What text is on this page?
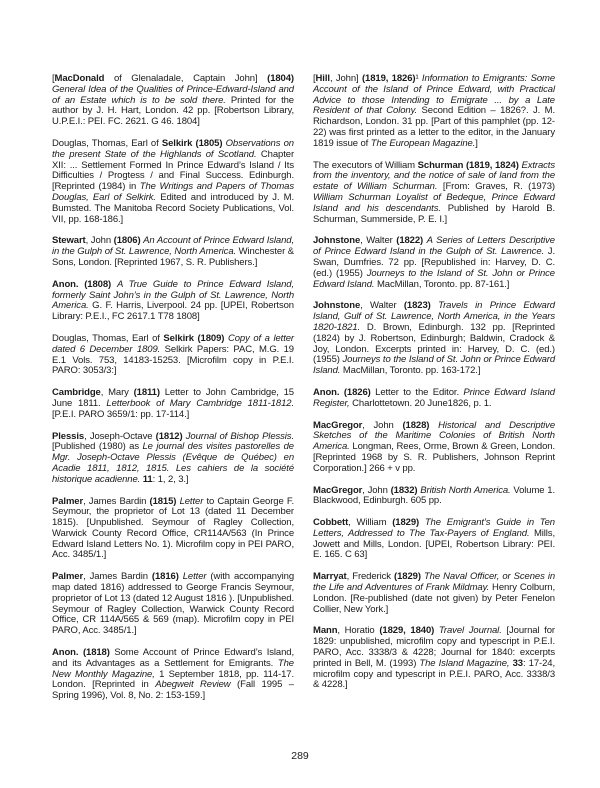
[MacDonald of Glenaladale, Captain John] (1804) General Idea of the Qualities of Prince-Edward-Island and of an Estate which is to be sold there. Printed for the author by J. H. Hart, London. 42 pp. [Robertson Library, U.P.E.I.: PEI. FC. 2621. G 46. 1804]

Douglas, Thomas, Earl of Selkirk (1805) Observations on the present State of the Highlands of Scotland. Chapter XII: ... Settlement Formed In Prince Edward’s Island / Its Difficulties / Progtess / and Final Success. Edinburgh. [Reprinted (1984) in The Writings and Papers of Thomas Douglas, Earl of Selkirk. Edited and introduced by J. M. Bumsted. The Manitoba Record Society Publications, Vol. VII, pp. 168-186.]

Stewart, John (1806) An Account of Prince Edward Island, in the Gulph of St. Lawrence, North America. Winchester & Sons, London. [Reprinted 1967, S. R. Publishers.]

Anon. (1808) A True Guide to Prince Edward Island, formerly Saint John’s in the Gulph of St. Lawrence, North America. G. F. Harris, Liverpool. 24 pp. [UPEI, Robertson Library: P.E.I., FC 2617.1 T78 1808]

Douglas, Thomas, Earl of Selkirk (1809) Copy of a letter dated 6 December 1809. Selkirk Papers: PAC, M.G. 19 E.1 Vols. 753, 14183-15253. [Microfilm copy in P.E.I. PARO: 3053/3:]

Cambridge, Mary (1811) Letter to John Cambridge, 15 June 1811. Letterbook of Mary Cambridge 1811-1812. [P.E.I. PARO 3659/1: pp. 17-114.]

Plessis, Joseph-Octave (1812) Journal of Bishop Plessis. [Published (1980) as Le journal des visites pastorelles de Mgr. Joseph-Octave Plessis (Evêque de Québec) en Acadie 1811, 1812, 1815. Les cahiers de la société historique acadienne. 11: 1, 2, 3.]

Palmer, James Bardin (1815) Letter to Captain George F. Seymour, the proprietor of Lot 13 (dated 11 December 1815). [Unpublished. Seymour of Ragley Collection, Warwick County Record Office, CR114A/563 (In Prince Edward Island Letters No. 1). Microfilm copy in PEI PARO, Acc. 3485/1.]

Palmer, James Bardin (1816) Letter (with accompanying map dated 1816) addressed to George Francis Seymour, proprietor of Lot 13 (dated 12 August 1816 ). [Unpublished. Seymour of Ragley Collection, Warwick County Record Office, CR 114A/565 & 569 (map). Microfilm copy in PEI PARO, Acc. 3485/1.]

Anon. (1818) Some Account of Prince Edward’s Island, and its Advantages as a Settlement for Emigrants. The New Monthly Magazine, 1 September 1818, pp. 114-17. London. [Reprinted in Abegweit Review (Fall 1995 – Spring 1996), Vol. 8, No. 2: 153-159.]

[Hill, John] (1819, 1826)¹ Information to Emigrants: Some Account of the Island of Prince Edward, with Practical Advice to those Intending to Emigrate ... by a Late Resident of that Colony. Second Edition – 1826?. J. M. Richardson, London. 31 pp. [Part of this pamphlet (pp. 12-22) was first printed as a letter to the editor, in the January 1819 issue of The European Magazine.]

The executors of William Schurman (1819, 1824) Extracts from the inventory, and the notice of sale of land from the estate of William Schurman. [From: Graves, R. (1973) William Schurman Loyalist of Bedeque, Prince Edward Island and his descendants. Published by Harold B. Schurman, Summerside, P. E. I.]

Johnstone, Walter (1822) A Series of Letters Descriptive of Prince Edward Island in the Gulph of St. Lawrence. J. Swan, Dumfries. 72 pp. [Republished in: Harvey, D. C. (ed.) (1955) Journeys to the Island of St. John or Prince Edward Island. MacMillan, Toronto. pp. 87-161.]

Johnstone, Walter (1823) Travels in Prince Edward Island, Gulf of St. Lawrence, North America, in the Years 1820-1821. D. Brown, Edinburgh. 132 pp. [Reprinted (1824) by J. Robertson, Edinburgh; Baldwin, Cradock & Joy, London. Excerpts printed in: Harvey, D. C. (ed.) (1955) Journeys to the Island of St. John or Prince Edward Island. MacMillan, Toronto. pp. 163-172.]

Anon. (1826) Letter to the Editor. Prince Edward Island Register, Charlottetown. 20 June1826, p. 1.

MacGregor, John (1828) Historical and Descriptive Sketches of the Maritime Colonies of British North America. Longman, Rees, Orme, Brown & Green, London. [Reprinted 1968 by S. R. Publishers, Johnson Reprint Corporation.] 266 + v pp.

MacGregor, John (1832) British North America. Volume 1. Blackwood, Edinburgh. 605 pp.

Cobbett, William (1829) The Emigrant’s Guide in Ten Letters, Addressed to The Tax-Payers of England. Mills, Jowett and Mills, London. [UPEI, Robertson Library: PEI. E. 165. C 63]

Marryat, Frederick (1829) The Naval Officer, or Scenes in the Life and Adventures of Frank Mildmay. Henry Colburn, London. [Re-published (date not given) by Peter Fenelon Collier, New York.]

Mann, Horatio (1829, 1840) Travel Journal. [Journal for 1829: unpublished, microfilm copy and typescript in P.E.I. PARO, Acc. 3338/3 & 4228; Journal for 1840: excerpts printed in Bell, M. (1993) The Island Magazine, 33: 17-24, microfilm copy and typescript in P.E.I. PARO, Acc. 3338/3 & 4228.]

289
